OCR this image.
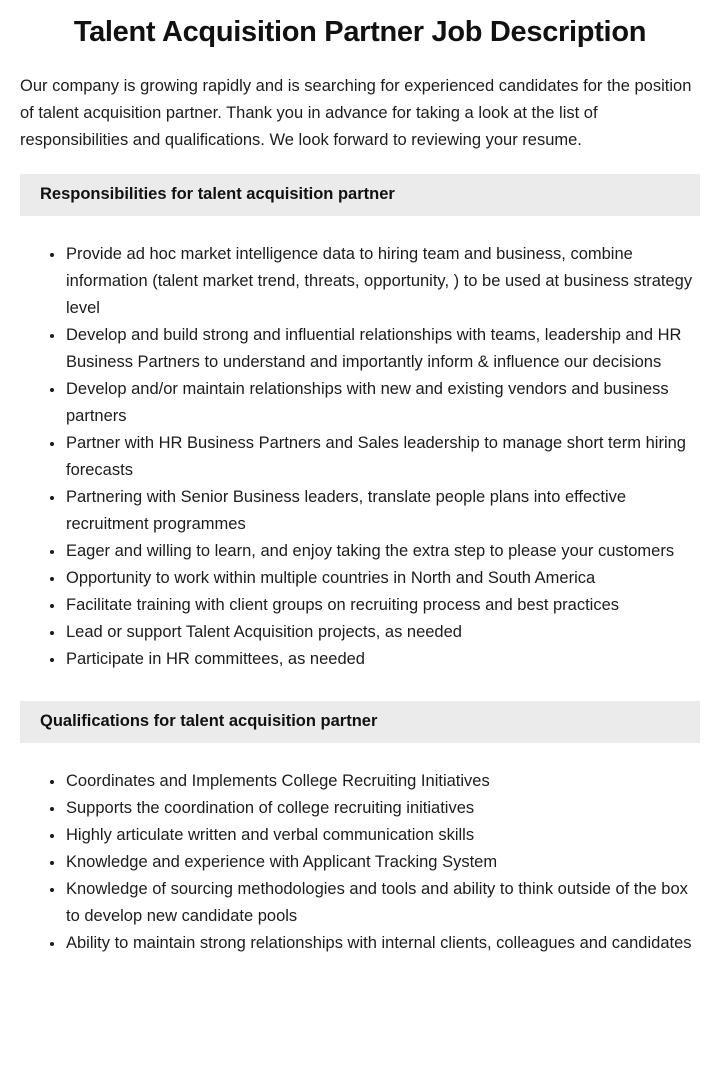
Talent Acquisition Partner Job Description

Our company is growing rapidly and is searching for experienced candidates for the position of talent acquisition partner. Thank you in advance for taking a look at the list of responsibilities and qualifications. We look forward to reviewing your resume.

Responsibilities for talent acquisition partner
• Provide ad hoc market intelligence data to hiring team and business, combine information (talent market trend, threats, opportunity, ) to be used at business strategy level
• Develop and build strong and influential relationships with teams, leadership and HR Business Partners to understand and importantly inform & influence our decisions
• Develop and/or maintain relationships with new and existing vendors and business partners
• Partner with HR Business Partners and Sales leadership to manage short term hiring forecasts
• Partnering with Senior Business leaders, translate people plans into effective recruitment programmes
• Eager and willing to learn, and enjoy taking the extra step to please your customers
• Opportunity to work within multiple countries in North and South America
• Facilitate training with client groups on recruiting process and best practices
• Lead or support Talent Acquisition projects, as needed
• Participate in HR committees, as needed
Qualifications for talent acquisition partner
• Coordinates and Implements College Recruiting Initiatives
• Supports the coordination of college recruiting initiatives
• Highly articulate written and verbal communication skills
• Knowledge and experience with Applicant Tracking System
• Knowledge of sourcing methodologies and tools and ability to think outside of the box to develop new candidate pools
• Ability to maintain strong relationships with internal clients, colleagues and candidates
